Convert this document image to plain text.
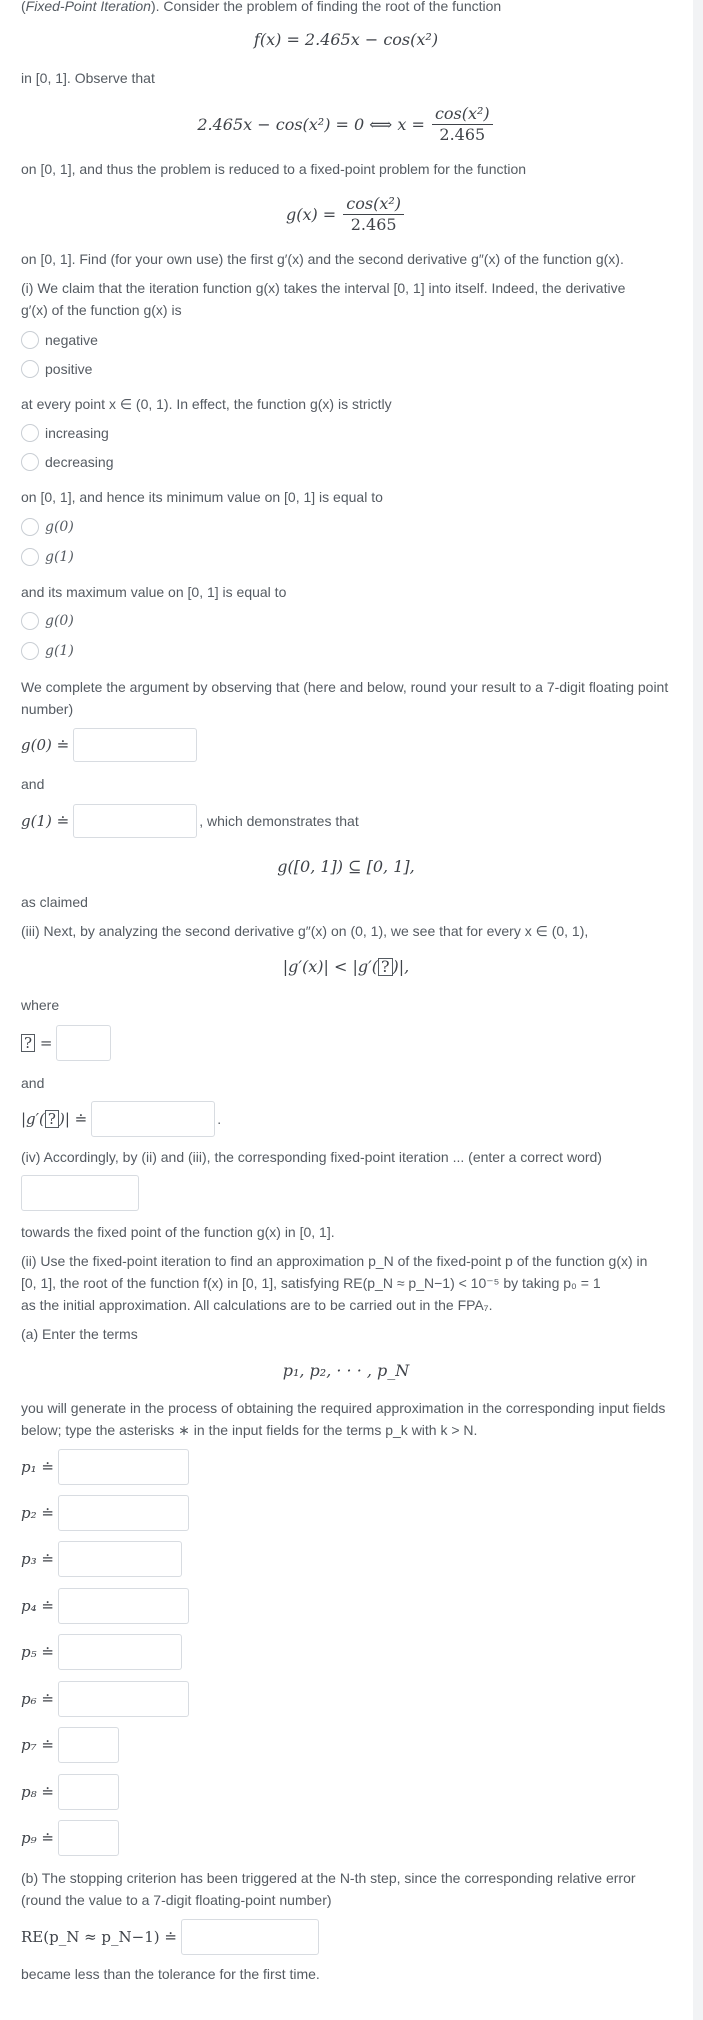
(Fixed-Point Iteration). Consider the problem of finding the root of the function
f(x) = 2.465x − cos(x²)
in [0, 1]. Observe that
2.465x − cos(x²) = 0 ⟺ $x = \frac{\text{cos(x²)}}{2.465}$
on [0, 1], and thus the problem is reduced to a fixed-point problem for the function
$g(x) = \frac{\text{cos(x²)}}{2.465}$
on [0, 1]. Find (for your own use) the first g′(x) and the second derivative g″(x) of the function g(x).
(i) We claim that the iteration function g(x) takes the interval [0, 1] into itself. Indeed, the derivative
g′(x) of the function g(x) is
negative
positive
at every point x ∈ (0, 1). In effect, the function g(x) is strictly
increasing
decreasing
on [0, 1], and hence its minimum value on [0, 1] is equal to
g(0)
g(1)
and its maximum value on [0, 1] is equal to
g(0)
g(1)
We complete the argument by observing that (here and below, round your result to a 7-digit floating point
number)
g(0) ≐
and
g(1) ≐	, which demonstrates that
g([0, 1]) ⊆ [0, 1],
as claimed
(iii) Next, by analyzing the second derivative g″(x) on (0, 1), we see that for every x ∈ (0, 1),
|g′(x)| < |g′( ? )|,
where
? =
and
|g′( ? )| ≐	.
(iv) Accordingly, by (ii) and (iii), the corresponding fixed-point iteration ... (enter a correct word)
towards the fixed point of the function g(x) in [0, 1].
(ii) Use the fixed-point iteration to find an approximation p_N of the fixed-point p of the function g(x) in
[0, 1], the root of the function f(x) in [0, 1], satisfying RE(p_N ≈ p_N−1) < 10⁻⁵ by taking p₀ = 1
as the initial approximation. All calculations are to be carried out in the FPA₇.
(a) Enter the terms
p₁, p₂, · · · , p_N
you will generate in the process of obtaining the required approximation in the corresponding input fields
below; type the asterisks ∗ in the input fields for the terms p_k with k > N.
p₁ ≐
p₂ ≐
p₃ ≐
p₄ ≐
p₅ ≐
p₆ ≐
p₇ ≐
p₈ ≐
p₉ ≐
(b) The stopping criterion has been triggered at the N-th step, since the corresponding relative error
(round the value to a 7-digit floating-point number)
RE(p_N ≈ p_N−1) ≐
became less than the tolerance for the first time.
